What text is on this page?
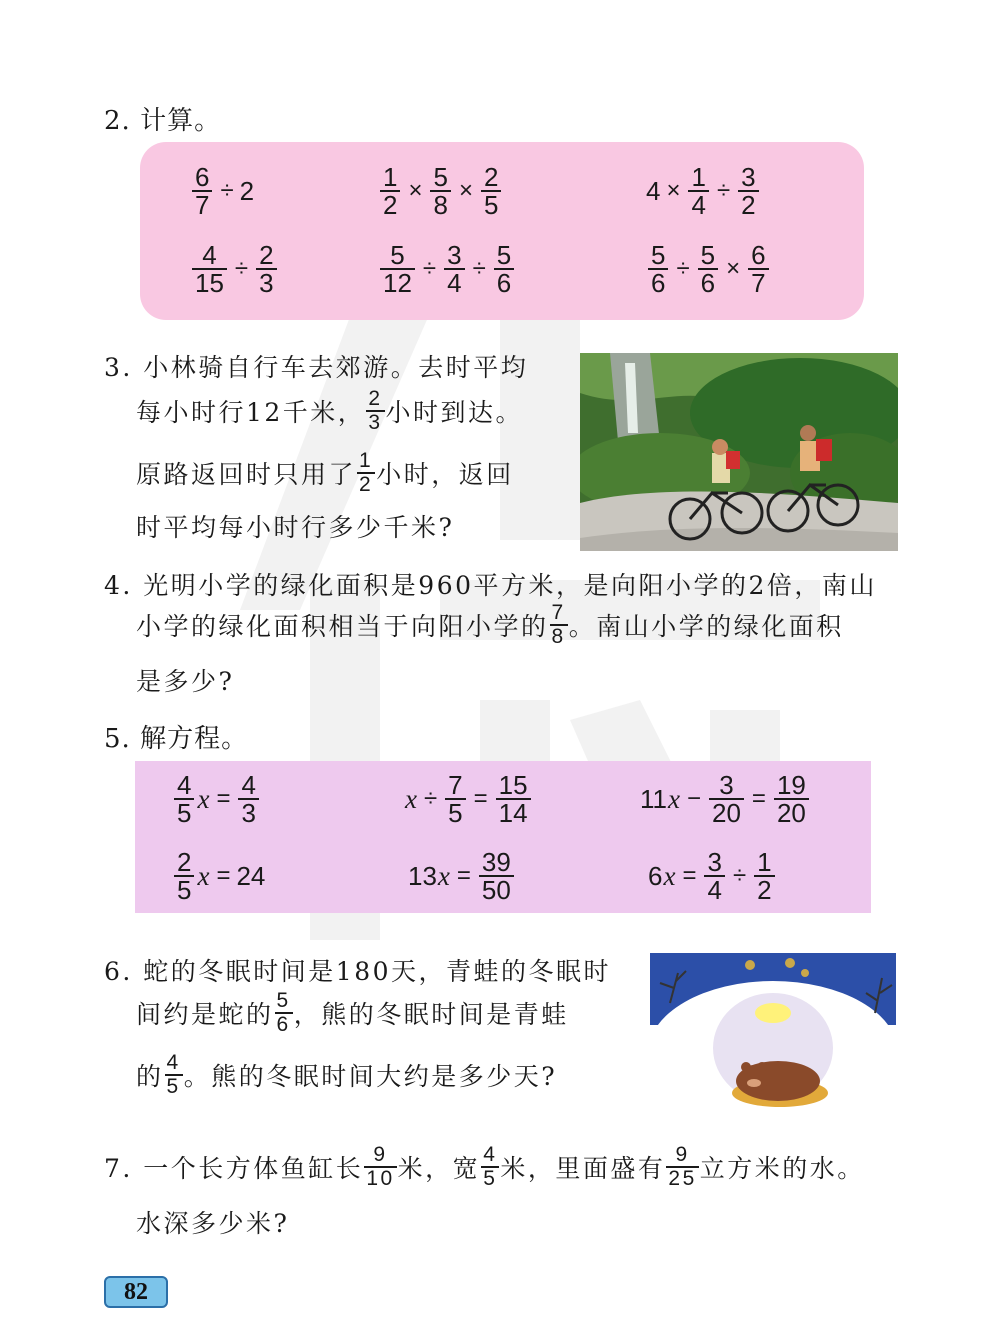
2. 计算。
$\frac{6}{7} \div 2$	$\frac{1}{2} \times \frac{5}{8} \times \frac{2}{5}$	$4 \times \frac{1}{4} \div \frac{3}{2}$
$\frac{4}{15} \div \frac{2}{3}$	$\frac{5}{12} \div \frac{3}{4} \div \frac{5}{6}$	$\frac{5}{6} \div \frac{5}{6} \times \frac{6}{7}$
3. 小林骑自行车去郊游。去时平均
每小时行12千米， 2
3 小时到达。
原路返回时只用了 1
2 小时，返回
时平均每小时行多少千米?
4. 光明小学的绿化面积是960平方米，是向阳小学的2倍，南山
小学的绿化面积相当于向阳小学的 7
8 。南山小学的绿化面积
是多少?
5. 解方程。
$\frac{4}{5}$ $x = \frac{4}{3}$	$x \div \frac{7}{5} = \frac{15}{14}$	11 $x - \frac{3}{20} = \frac{19}{20}$
$\frac{2}{5}$ x = 24	13 $x = \frac{39}{50}$	6 $x = \frac{3}{4} \div \frac{1}{2}$
6. 蛇的冬眠时间是180天，青蛙的冬眠时
间约是蛇的 5
6 ，熊的冬眠时间是青蛙
的 4
5 。熊的冬眠时间大约是多少天?
7. 一个长方体鱼缸长 9
10 米，宽 4
5 米，里面盛有 9
25 立方米的水。
水深多少米?
82
